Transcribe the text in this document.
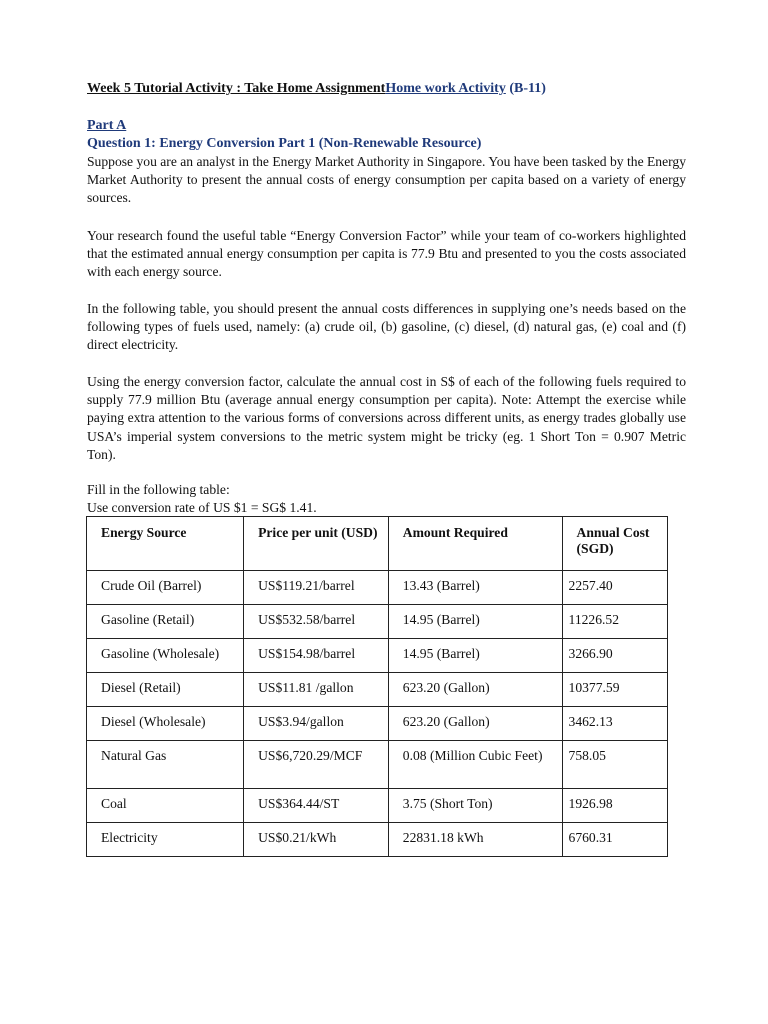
Week 5 Tutorial Activity : Take Home AssignmentHome work Activity (B-11)
Part A
Question 1: Energy Conversion Part 1 (Non-Renewable Resource)

Suppose you are an analyst in the Energy Market Authority in Singapore. You have been tasked by the Energy Market Authority to present the annual costs of energy consumption per capita based on a variety of energy sources.

Your research found the useful table “Energy Conversion Factor” while your team of co-workers highlighted that the estimated annual energy consumption per capita is 77.9 Btu and presented to you the costs associated with each energy source.

In the following table, you should present the annual costs differences in supplying one’s needs based on the following types of fuels used, namely: (a) crude oil, (b) gasoline, (c) diesel, (d) natural gas, (e) coal and (f) direct electricity.

Using the energy conversion factor, calculate the annual cost in S$ of each of the following fuels required to supply 77.9 million Btu (average annual energy consumption per capita). Note: Attempt the exercise while paying extra attention to the various forms of conversions across different units, as energy trades globally use USA’s imperial system conversions to the metric system might be tricky (eg. 1 Short Ton = 0.907 Metric Ton).

Fill in the following table:
Use conversion rate of US $1 = SG$ 1.41.
Energy Source	Price per unit (USD)	Amount Required	Annual Cost (SGD)
Crude Oil (Barrel)	US$119.21/barrel	13.43 (Barrel)	2257.40
Gasoline (Retail)	US$532.58/barrel	14.95 (Barrel)	11226.52
Gasoline (Wholesale)	US$154.98/barrel	14.95 (Barrel)	3266.90
Diesel (Retail)	US$11.81 /gallon	623.20 (Gallon)	10377.59
Diesel (Wholesale)	US$3.94/gallon	623.20 (Gallon)	3462.13
Natural Gas	US$6,720.29/MCF	0.08 (Million Cubic Feet)	758.05
Coal	US$364.44/ST	3.75 (Short Ton)	1926.98
Electricity	US$0.21/kWh	22831.18 kWh	6760.31
